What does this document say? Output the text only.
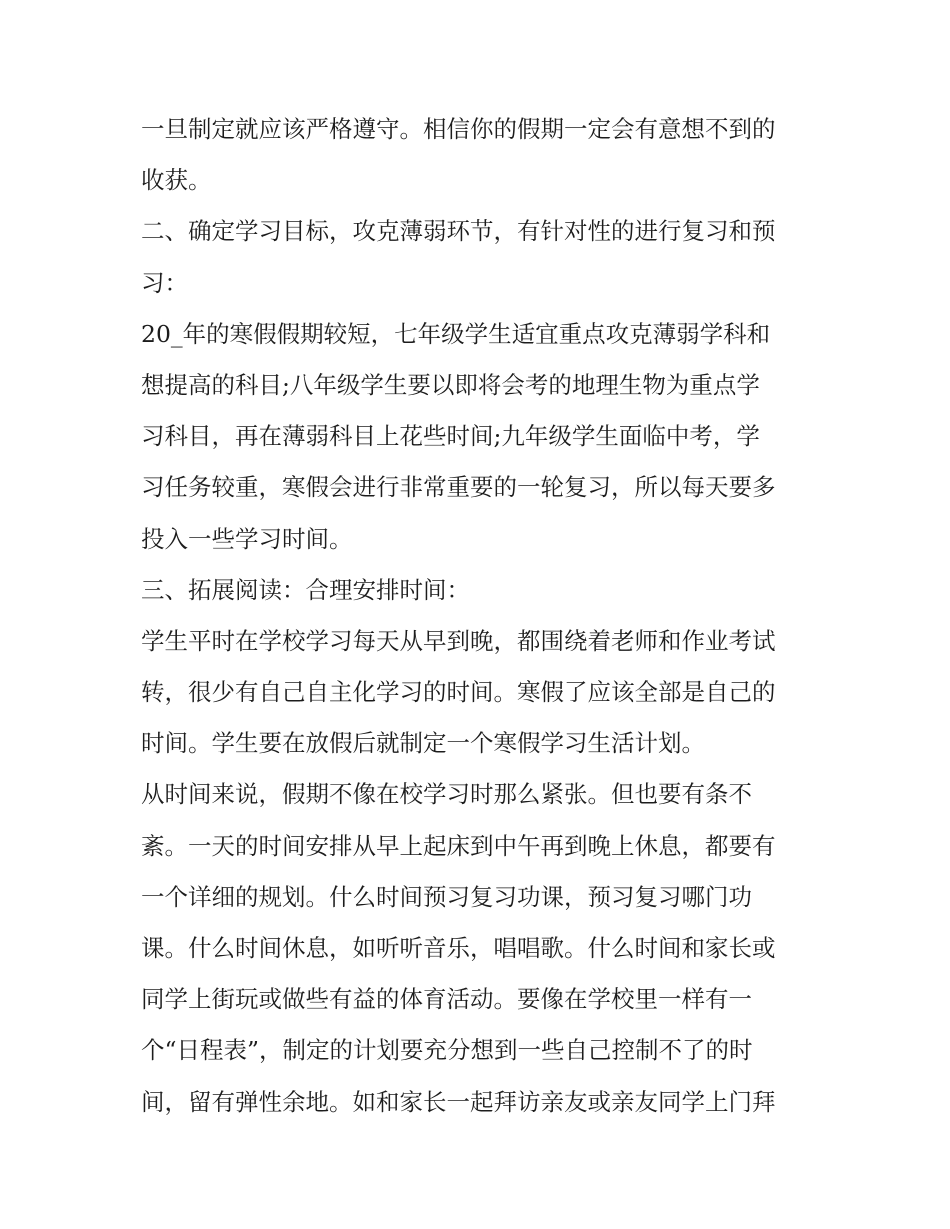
一旦制定就应该严格遵守。相信你的假期一定会有意想不到的
收获。
二、确定学习目标，攻克薄弱环节，有针对性的进行复习和预
习：
20_年的寒假假期较短，七年级学生适宜重点攻克薄弱学科和
想提高的科目;八年级学生要以即将会考的地理生物为重点学
习科目，再在薄弱科目上花些时间;九年级学生面临中考，学
习任务较重，寒假会进行非常重要的一轮复习，所以每天要多
投入一些学习时间。
三、拓展阅读：合理安排时间：
学生平时在学校学习每天从早到晚，都围绕着老师和作业考试
转，很少有自己自主化学习的时间。寒假了应该全部是自己的
时间。学生要在放假后就制定一个寒假学习生活计划。
从时间来说，假期不像在校学习时那么紧张。但也要有条不
紊。一天的时间安排从早上起床到中午再到晚上休息，都要有
一个详细的规划。什么时间预习复习功课，预习复习哪门功
课。什么时间休息，如听听音乐，唱唱歌。什么时间和家长或
同学上街玩或做些有益的体育活动。要像在学校里一样有一
个“日程表”，制定的计划要充分想到一些自己控制不了的时
间，留有弹性余地。如和家长一起拜访亲友或亲友同学上门拜
